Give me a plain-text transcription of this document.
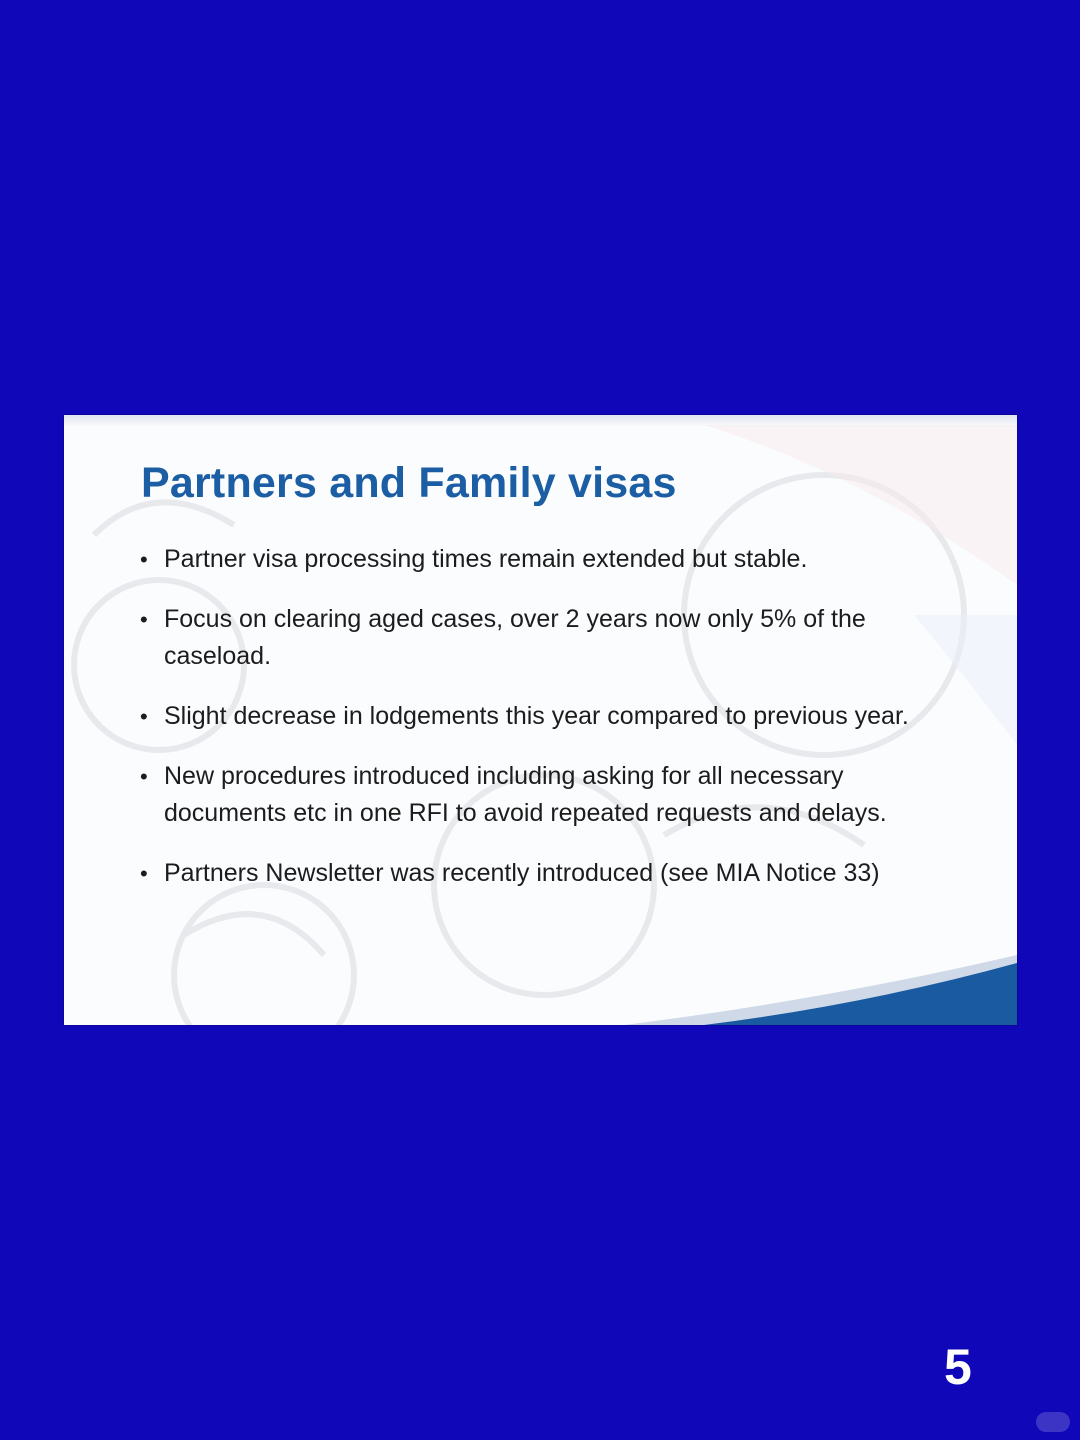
Partners and Family visas
• Partner visa processing times remain extended but stable.
• Focus on clearing aged cases, over 2 years now only 5% of the caseload.
• Slight decrease in lodgements this year compared to previous year.
• New procedures introduced including asking for all necessary documents etc in one RFI to avoid repeated requests and delays.
• Partners Newsletter was recently introduced (see MIA Notice 33)
5
